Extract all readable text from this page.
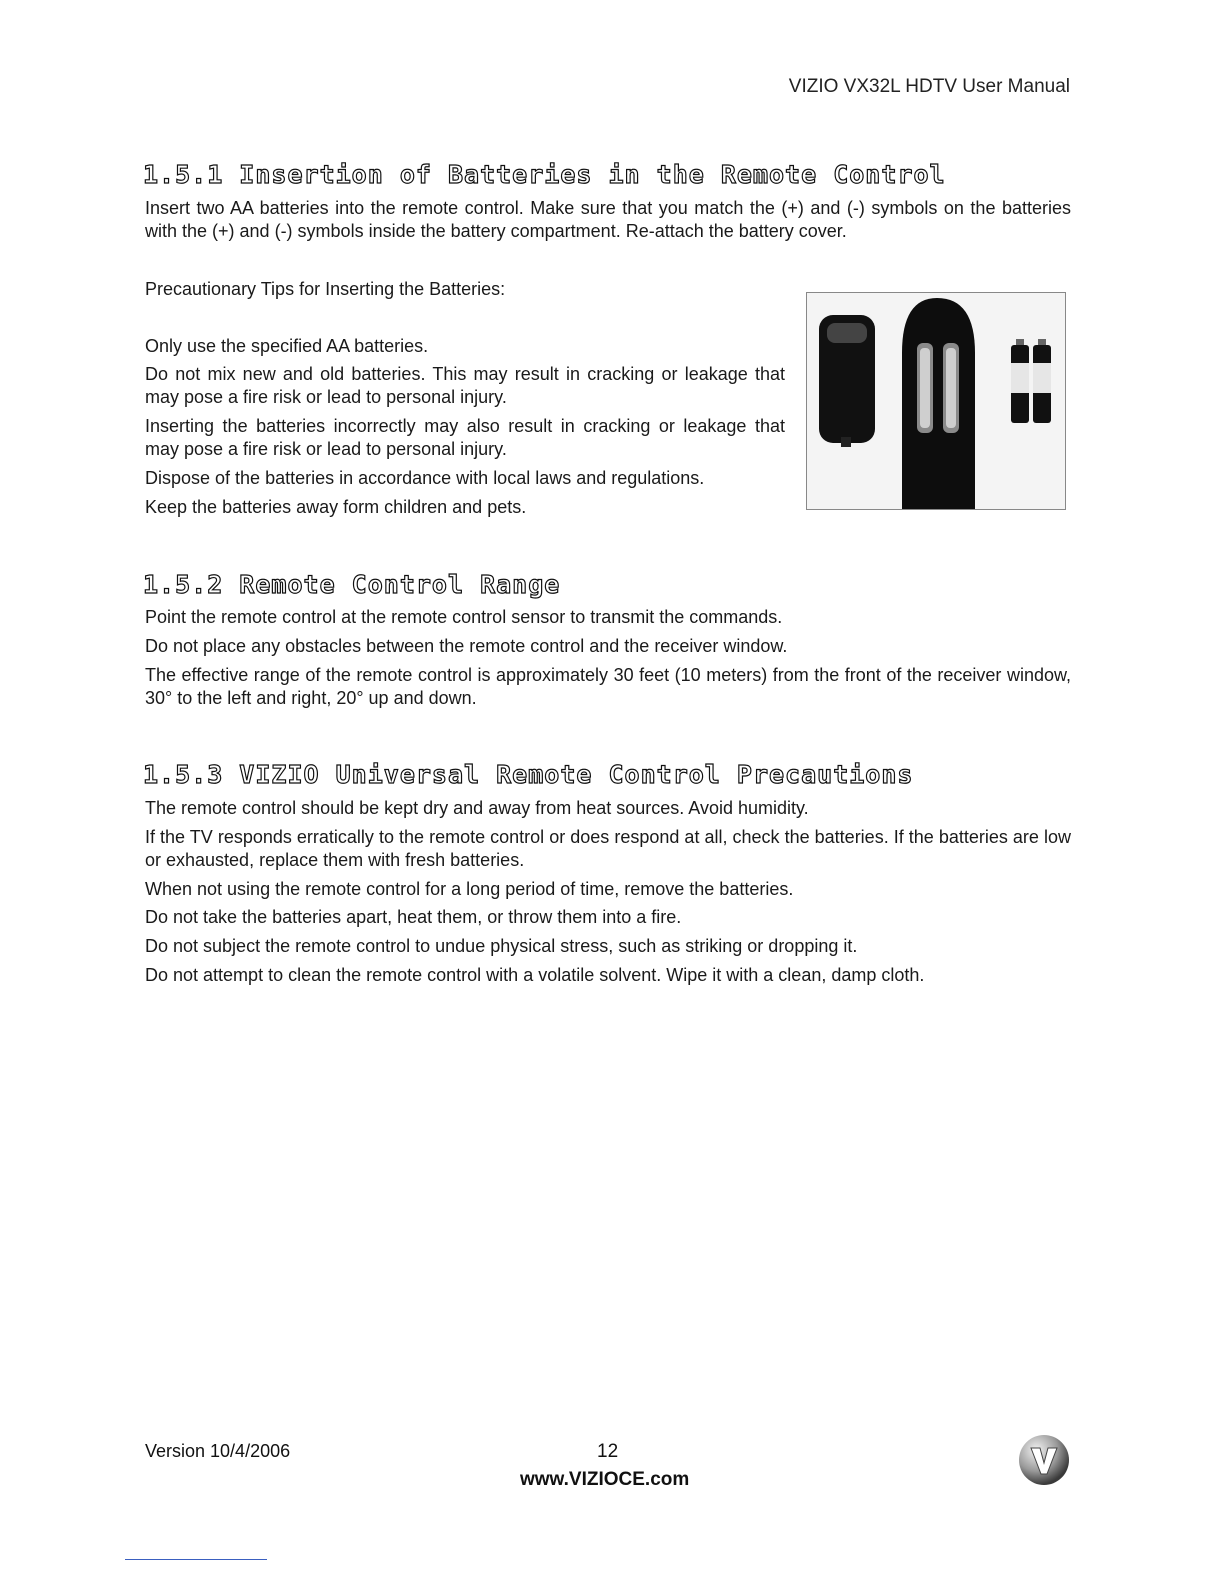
VIZIO VX32L HDTV User Manual
1.5.1 Insertion of Batteries in the Remote Control
Insert two AA batteries into the remote control. Make sure that you match the (+) and (-) symbols on the batteries with the (+) and (-) symbols inside the battery compartment. Re-attach the battery cover.
Precautionary Tips for Inserting the Batteries:
Only use the specified AA batteries.
Do not mix new and old batteries. This may result in cracking or leakage that may pose a fire risk or lead to personal injury.
Inserting the batteries incorrectly may also result in cracking or leakage that may pose a fire risk or lead to personal injury.
Dispose of the batteries in accordance with local laws and regulations.
Keep the batteries away form children and pets.
1.5.2 Remote Control Range
Point the remote control at the remote control sensor to transmit the commands.
Do not place any obstacles between the remote control and the receiver window.
The effective range of the remote control is approximately 30 feet (10 meters) from the front of the receiver window, 30° to the left and right, 20° up and down.
1.5.3 VIZIO Universal Remote Control Precautions
The remote control should be kept dry and away from heat sources. Avoid humidity.
If the TV responds erratically to the remote control or does respond at all, check the batteries. If the batteries are low or exhausted, replace them with fresh batteries.
When not using the remote control for a long period of time, remove the batteries.
Do not take the batteries apart, heat them, or throw them into a fire.
Do not subject the remote control to undue physical stress, such as striking or dropping it.
Do not attempt to clean the remote control with a volatile solvent. Wipe it with a clean, damp cloth.
Version 10/4/2006	12
www.VIZIOCE.com
